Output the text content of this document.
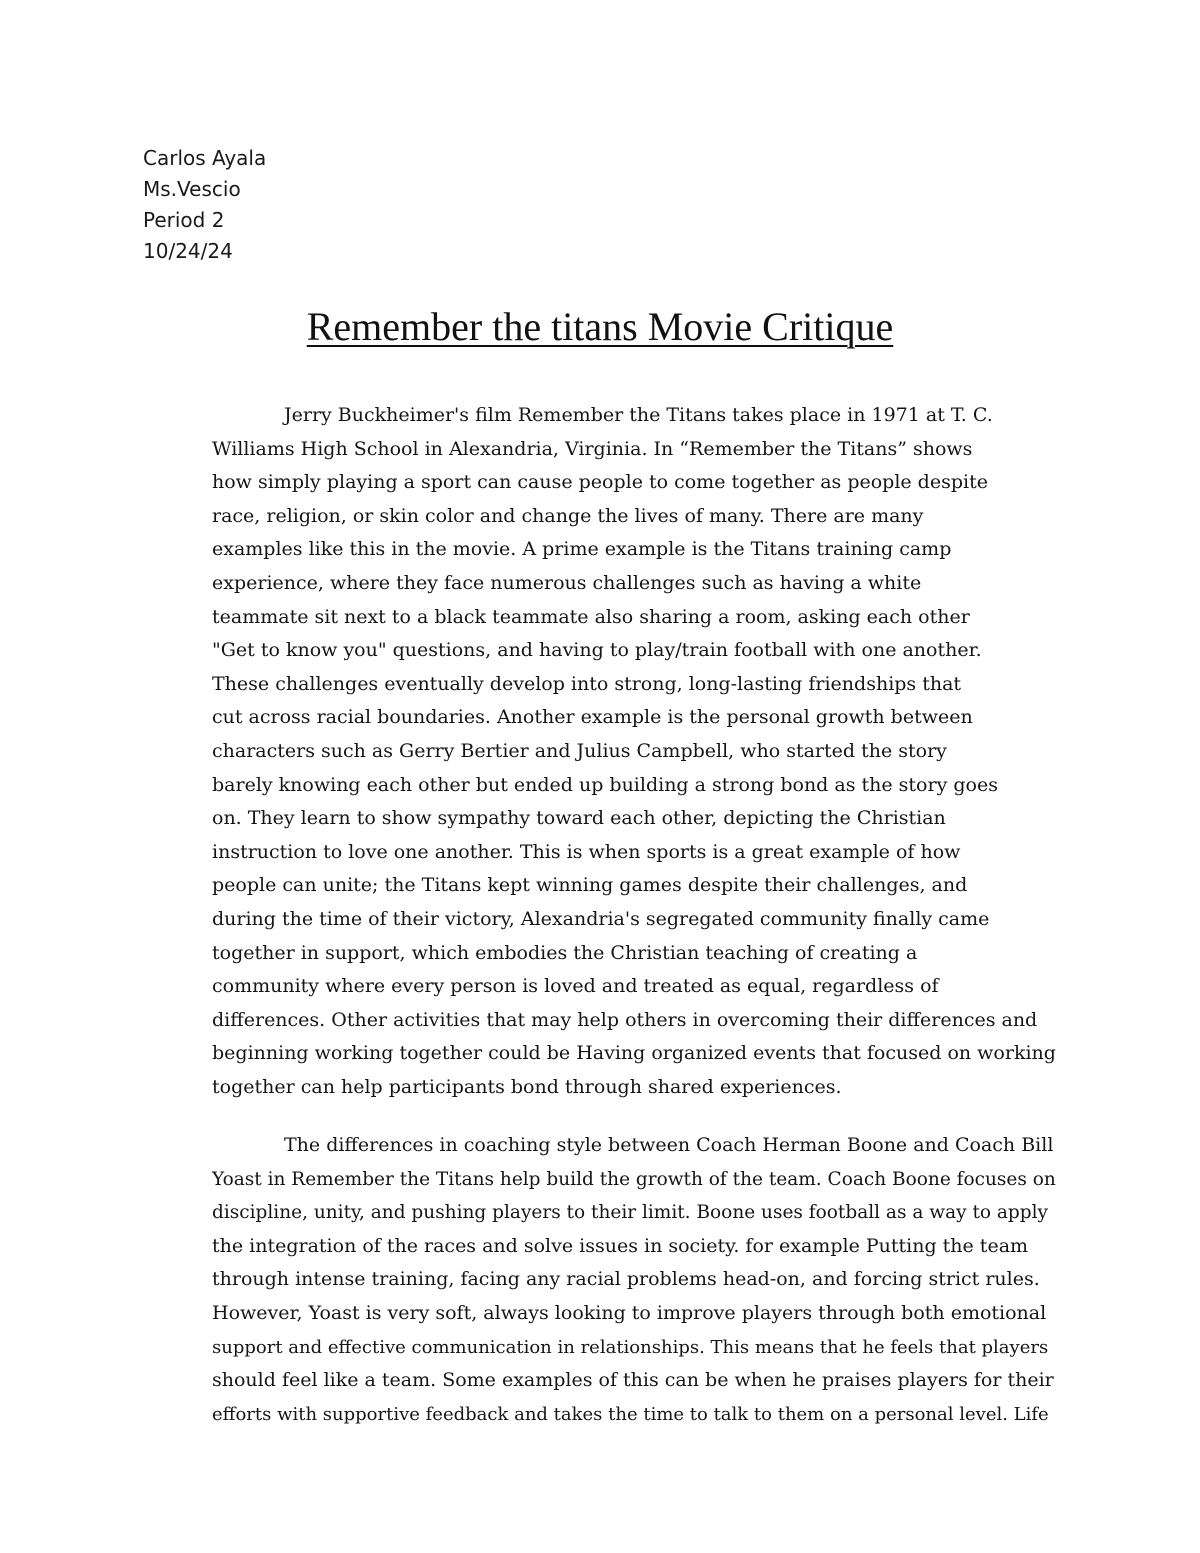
Carlos Ayala
Ms.Vescio
Period 2
10/24/24
Remember the titans Movie Critique
Jerry Buckheimer's film Remember the Titans takes place in 1971 at T. C.
Williams High School in Alexandria, Virginia. In “Remember the Titans” shows
how simply playing a sport can cause people to come together as people despite
race, religion, or skin color and change the lives of many. There are many
examples like this in the movie. A prime example is the Titans training camp
experience, where they face numerous challenges such as having a white
teammate sit next to a black teammate also sharing a room, asking each other
"Get to know you" questions, and having to play/train football with one another.
These challenges eventually develop into strong, long-lasting friendships that
cut across racial boundaries. Another example is the personal growth between
characters such as Gerry Bertier and Julius Campbell, who started the story
barely knowing each other but ended up building a strong bond as the story goes
on. They learn to show sympathy toward each other, depicting the Christian
instruction to love one another. This is when sports is a great example of how
people can unite; the Titans kept winning games despite their challenges, and
during the time of their victory, Alexandria's segregated community finally came
together in support, which embodies the Christian teaching of creating a
community where every person is loved and treated as equal, regardless of
differences. Other activities that may help others in overcoming their differences and
beginning working together could be Having organized events that focused on working
together can help participants bond through shared experiences.
The differences in coaching style between Coach Herman Boone and Coach Bill
Yoast in Remember the Titans help build the growth of the team. Coach Boone focuses on
discipline, unity, and pushing players to their limit. Boone uses football as a way to apply
the integration of the races and solve issues in society. for example Putting the team
through intense training, facing any racial problems head-on, and forcing strict rules.
However, Yoast is very soft, always looking to improve players through both emotional
support and effective communication in relationships. This means that he feels that players
should feel like a team. Some examples of this can be when he praises players for their
efforts with supportive feedback and takes the time to talk to them on a personal level. Life
